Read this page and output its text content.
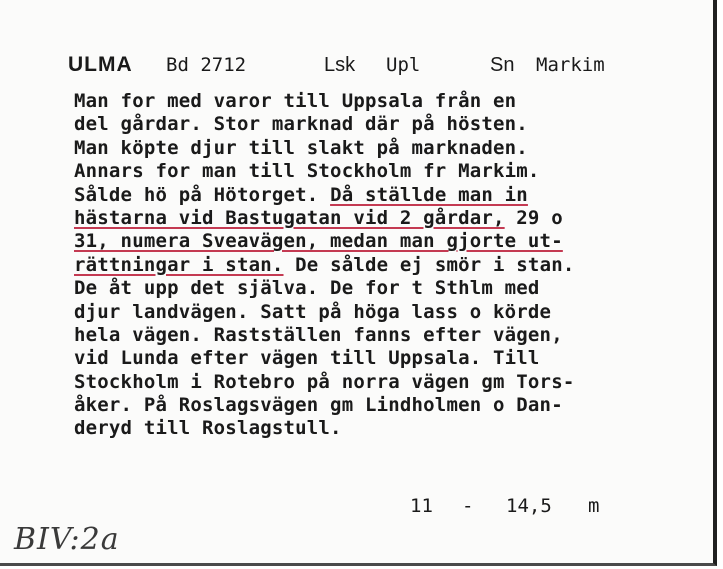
ULMA Bd 2712	Lsk Upl	Sn Markim
Man for med varor till Uppsala från en
del gårdar. Stor marknad där på hösten.
Man köpte djur till slakt på marknaden.
Annars for man till Stockholm fr Markim.
Sålde hö på Hötorget. Då ställde man in
hästarna vid Bastugatan vid 2 gårdar, 29 o
31, numera Sveavägen, medan man gjorte ut-
rättningar i stan. De sålde ej smör i stan.
De åt upp det själva. De for t Sthlm med
djur landvägen. Satt på höga lass o körde
hela vägen. Rastställen fanns efter vägen,
vid Lunda efter vägen till Uppsala. Till
Stockholm i Rotebro på norra vägen gm Tors-
åker. På Roslagsvägen gm Lindholmen o Dan-
deryd till Roslagstull.

11

-

14,5

m

BIV:2a
